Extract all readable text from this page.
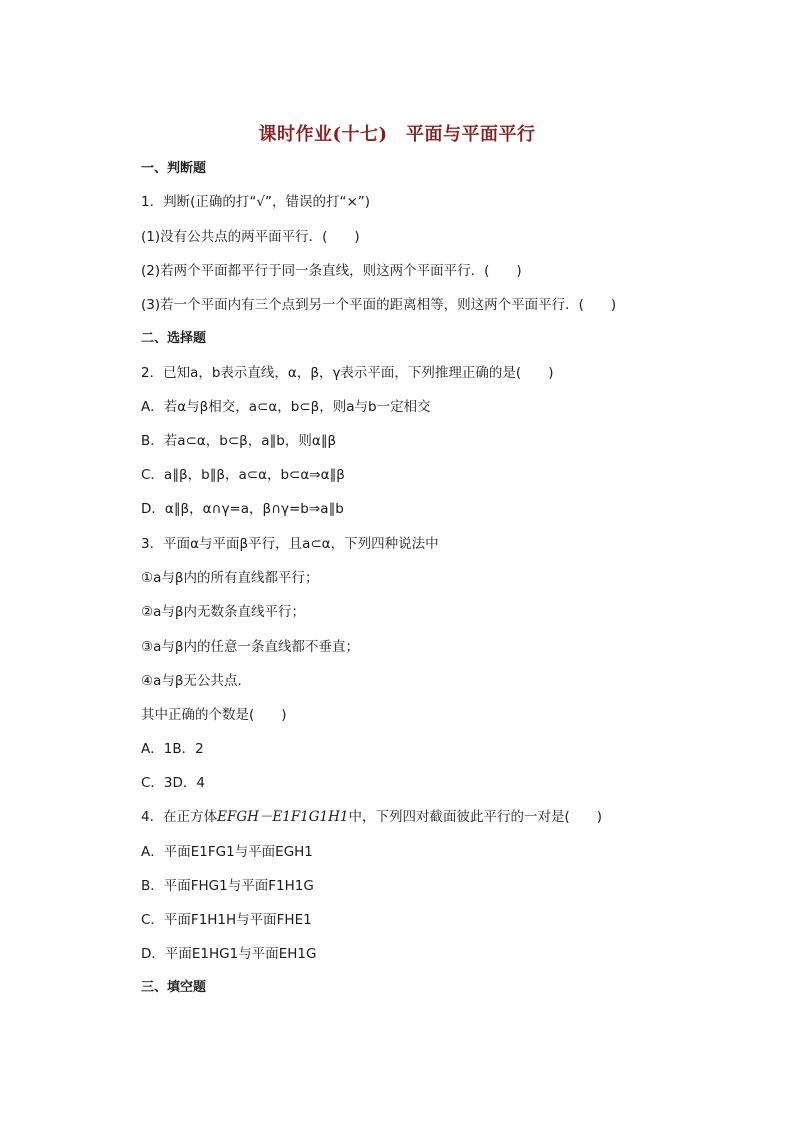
课时作业(十七)　平面与平面平行
一、判断题
1．判断(正确的打“√”，错误的打“×”)
(1)没有公共点的两平面平行．(　　)
(2)若两个平面都平行于同一条直线，则这两个平面平行．(　　)
(3)若一个平面内有三个点到另一个平面的距离相等，则这两个平面平行．(　　)
二、选择题
2．已知a，b表示直线，α，β，γ表示平面，下列推理正确的是(　　)
A．若α与β相交，a⊂α，b⊂β，则a与b一定相交
B．若a⊂α，b⊂β，a∥b，则α∥β
C．a∥β，b∥β，a⊂α，b⊂α⇒α∥β
D．α∥β，α∩γ=a，β∩γ=b⇒a∥b
3．平面α与平面β平行，且a⊂α，下列四种说法中
①a与β内的所有直线都平行；
②a与β内无数条直线平行；
③a与β内的任意一条直线都不垂直；
④a与β无公共点．
其中正确的个数是(　　)
A．1B．2
C．3D．4
4．在正方体EFGH－E1F1G1H1中，下列四对截面彼此平行的一对是(　　)
A．平面E1FG1与平面EGH1
B．平面FHG1与平面F1H1G
C．平面F1H1H与平面FHE1
D．平面E1HG1与平面EH1G
三、填空题
